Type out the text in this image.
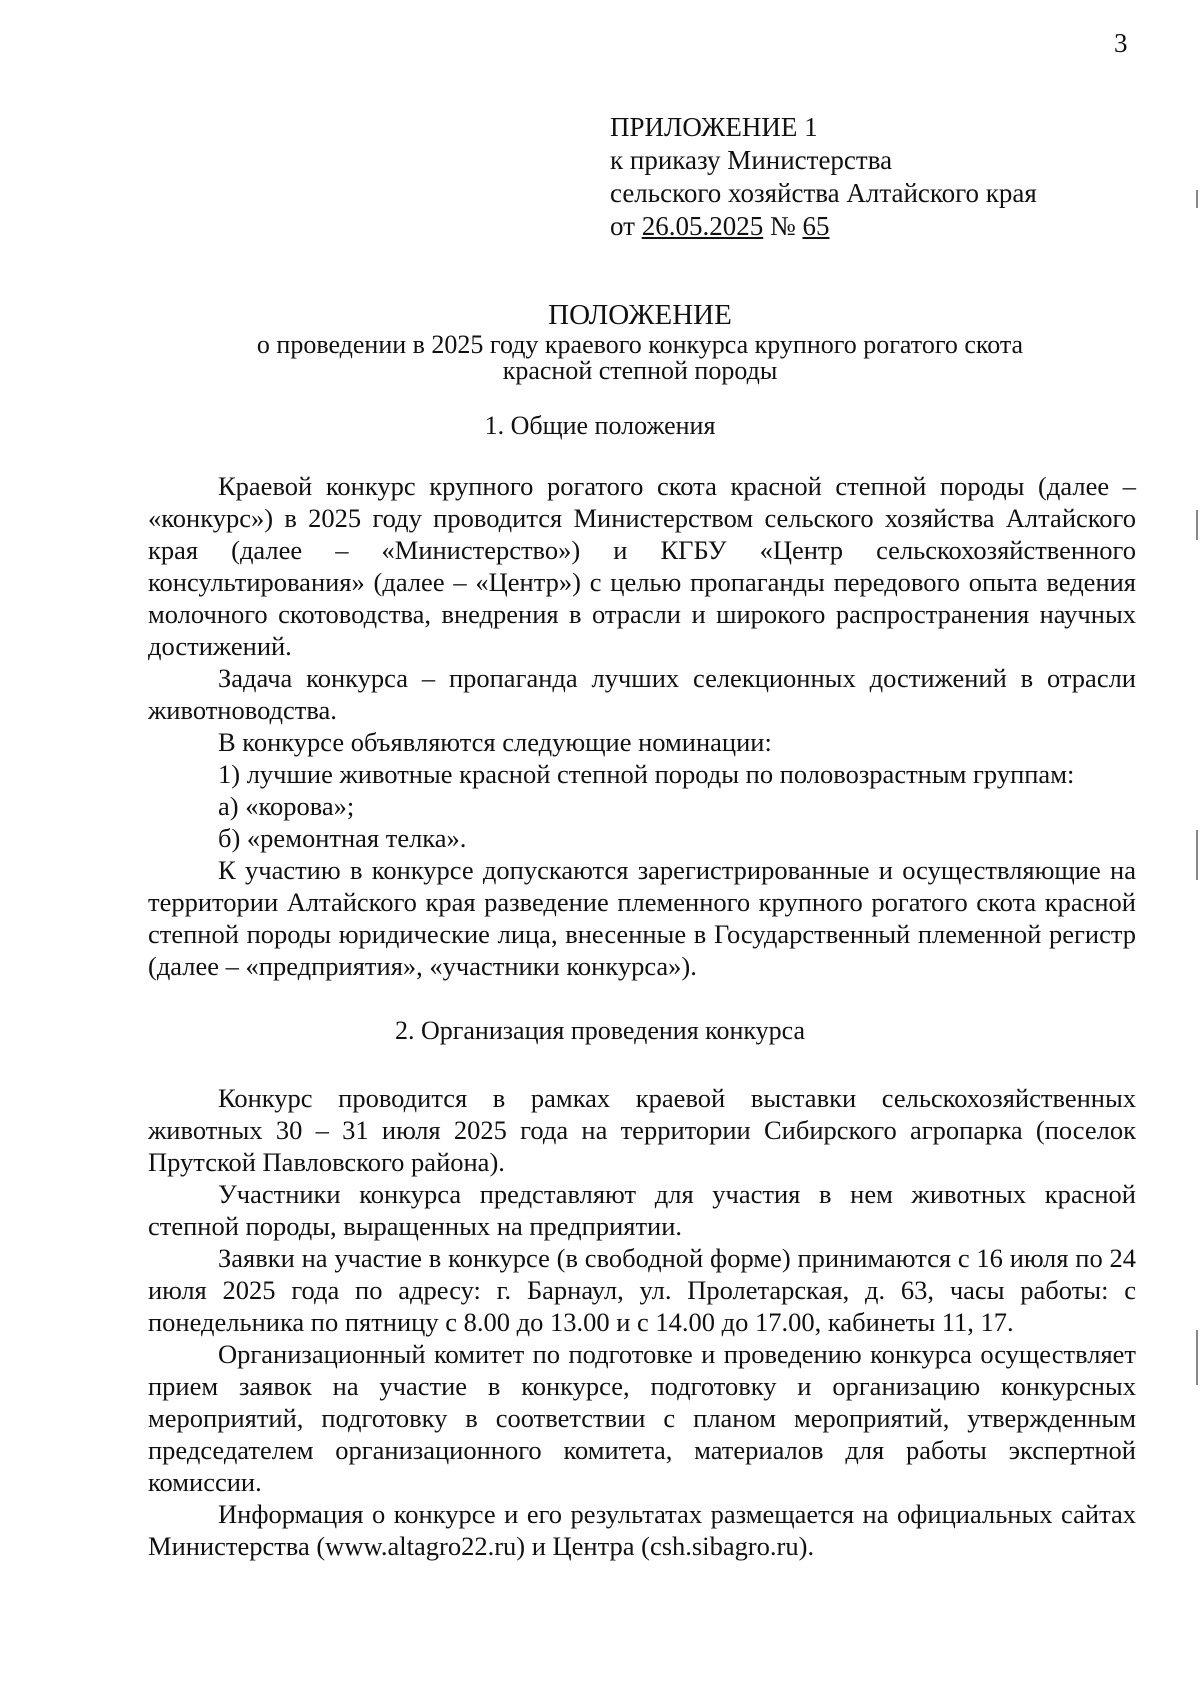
3
ПРИЛОЖЕНИЕ 1
к приказу Министерства
сельского хозяйства Алтайского края
от 26.05.2025 № 65
ПОЛОЖЕНИЕ
о проведении в 2025 году краевого конкурса крупного рогатого скота
красной степной породы
1. Общие положения

Краевой конкурс крупного рогатого скота красной степной породы (далее – «конкурс») в 2025 году проводится Министерством сельского хозяйства Алтайского края (далее – «Министерство») и КГБУ «Центр сельскохозяйственного консультирования» (далее – «Центр») с целью пропаганды передового опыта ведения молочного скотоводства, внедрения в отрасли и широкого распространения научных достижений.

Задача конкурса – пропаганда лучших селекционных достижений в отрасли животноводства.

В конкурсе объявляются следующие номинации:

1) лучшие животные красной степной породы по половозрастным группам:

а) «корова»;

б) «ремонтная телка».

К участию в конкурсе допускаются зарегистрированные и осуществляющие на территории Алтайского края разведение племенного крупного рогатого скота красной степной породы юридические лица, внесенные в Государственный племенной регистр (далее – «предприятия», «участники конкурса»).

2. Организация проведения конкурса

Конкурс проводится в рамках краевой выставки сельскохозяйственных животных 30 – 31 июля 2025 года на территории Сибирского агропарка (поселок Прутской Павловского района).

Участники конкурса представляют для участия в нем животных красной степной породы, выращенных на предприятии.

Заявки на участие в конкурсе (в свободной форме) принимаются с 16 июля по 24 июля 2025 года по адресу: г. Барнаул, ул. Пролетарская, д. 63, часы работы: с понедельника по пятницу с 8.00 до 13.00 и с 14.00 до 17.00, кабинеты 11, 17.

Организационный комитет по подготовке и проведению конкурса осуществляет прием заявок на участие в конкурсе, подготовку и организацию конкурсных мероприятий, подготовку в соответствии с планом мероприятий, утвержденным председателем организационного комитета, материалов для работы экспертной комиссии.

Информация о конкурсе и его результатах размещается на официальных сайтах Министерства (www.altagro22.ru) и Центра (csh.sibagro.ru).
